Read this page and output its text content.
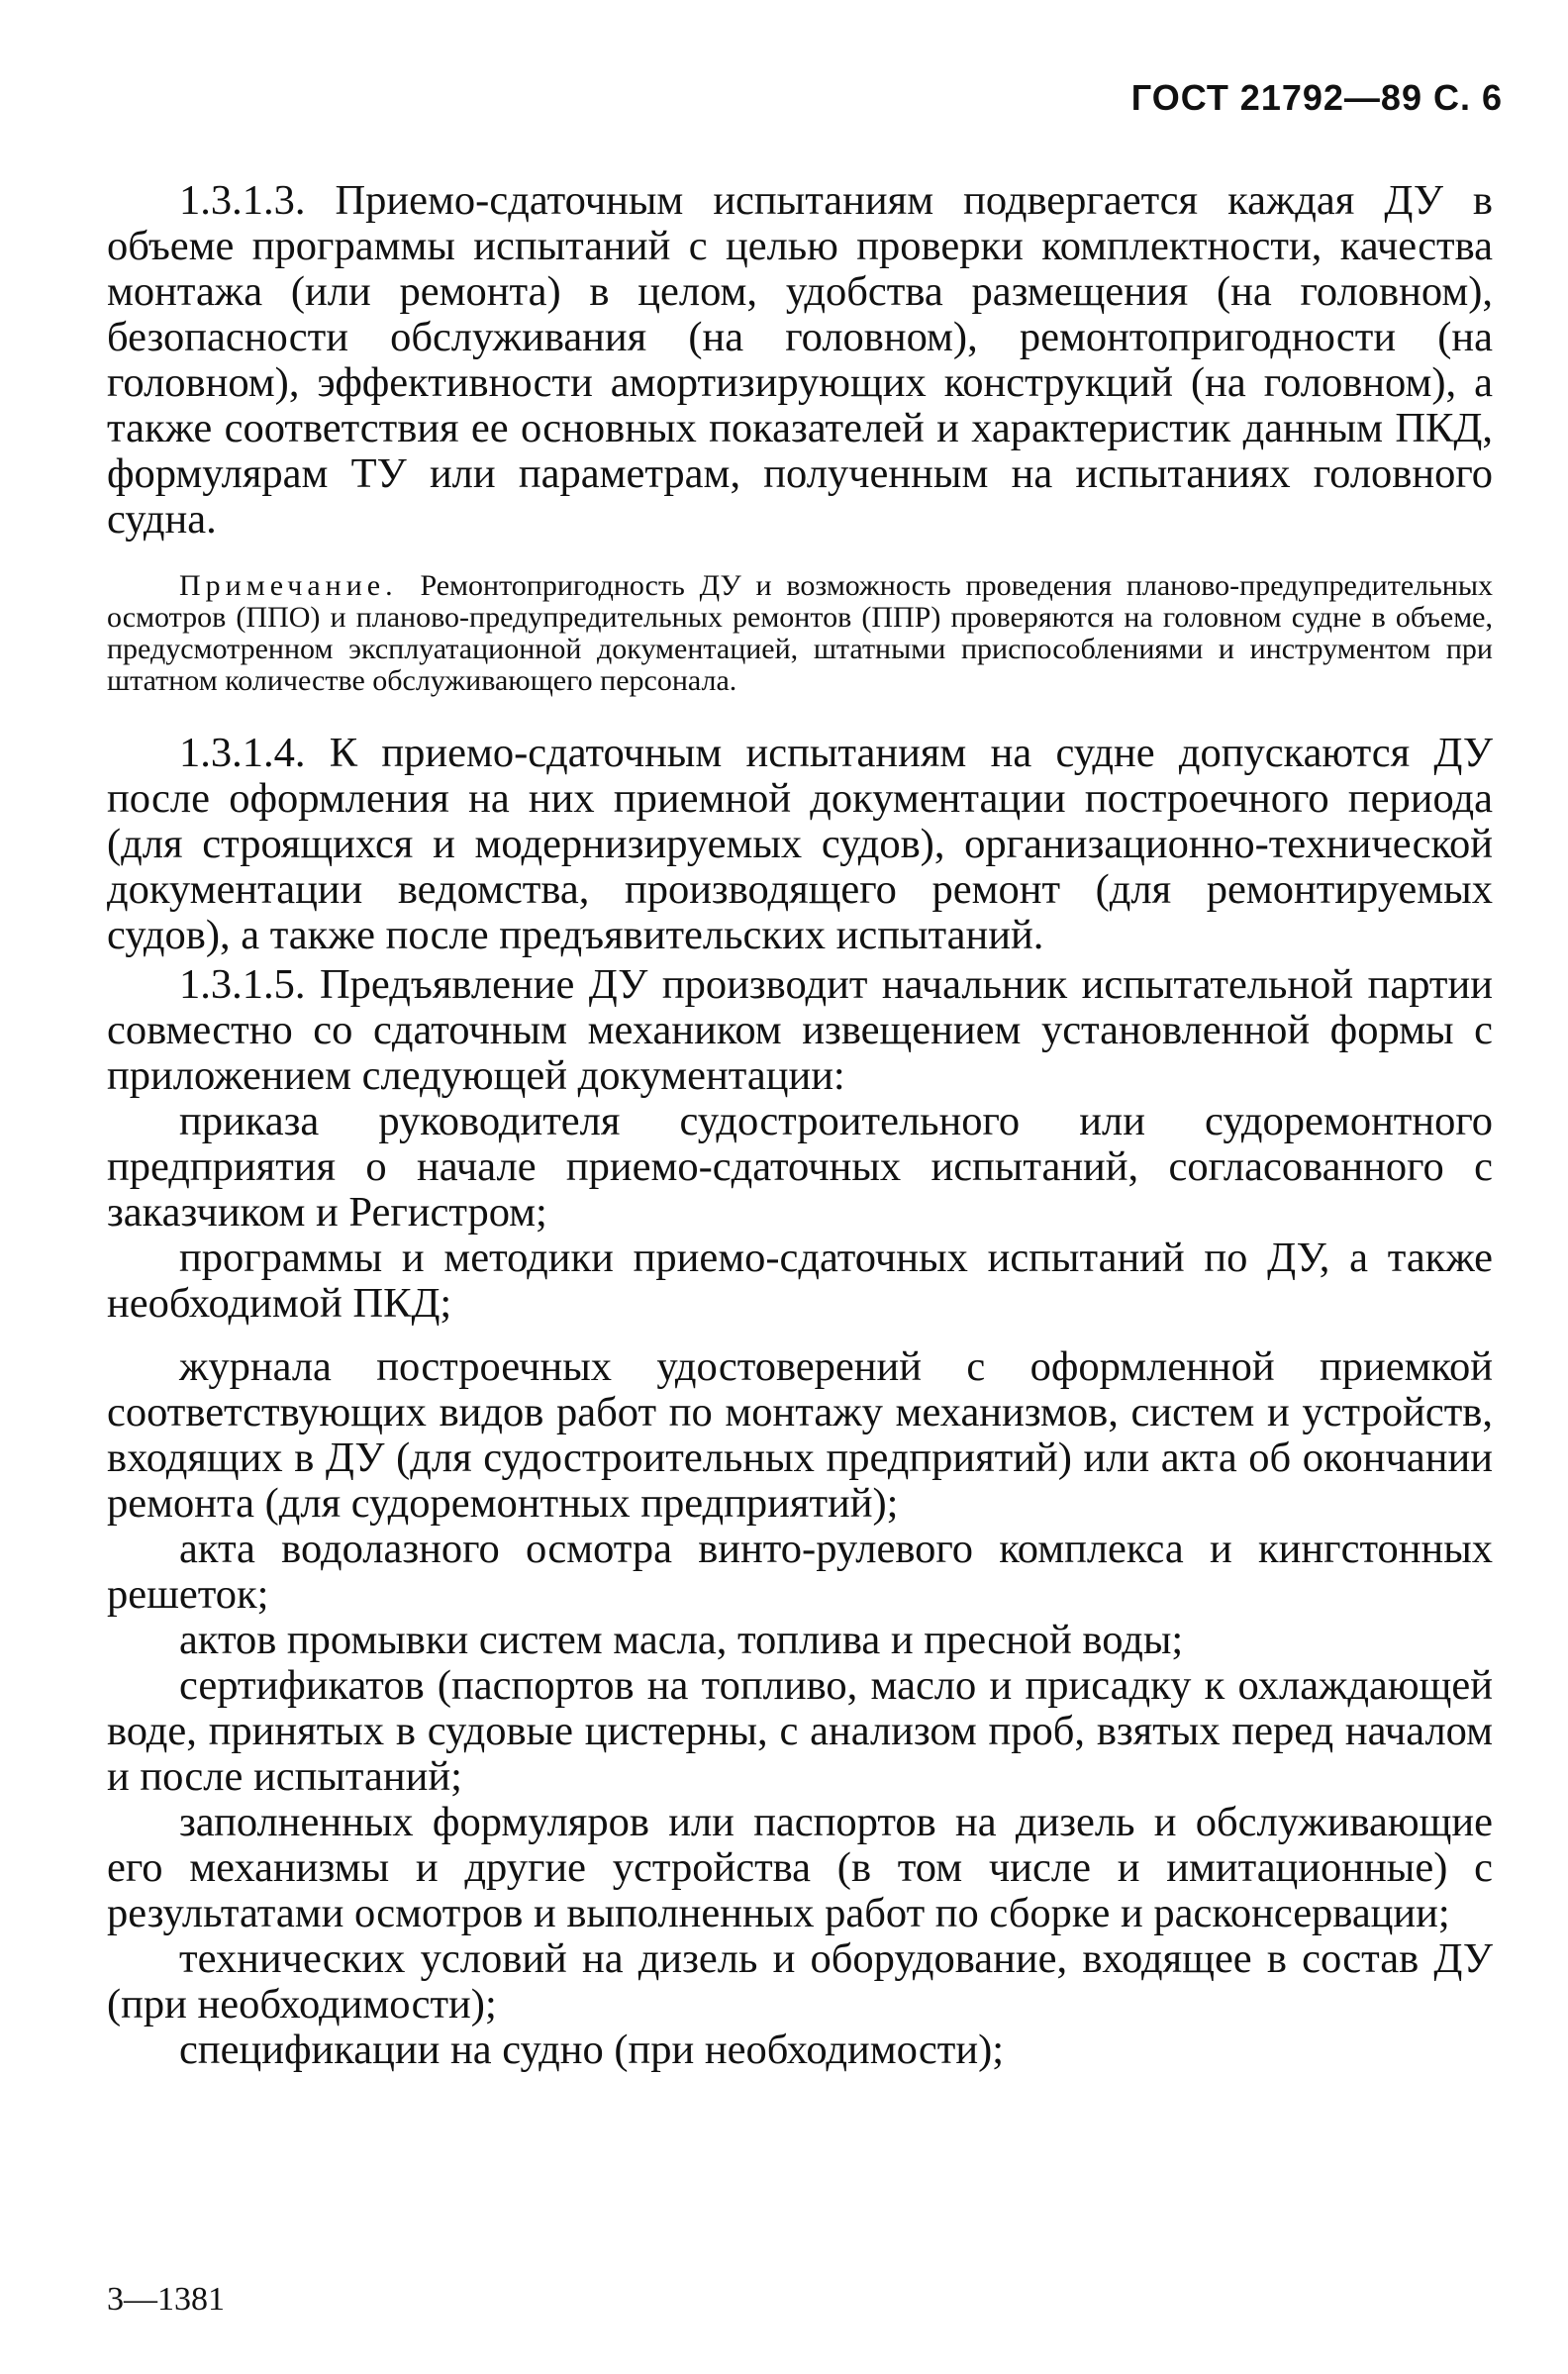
ГОСТ 21792—89 С. 6

1.3.1.3. Приемо-сдаточным испытаниям подвергается каждая ДУ в объеме программы испытаний с целью проверки комплектности, качества монтажа (или ремонта) в целом, удобства размещения (на головном), безопасности обслуживания (на головном), ремонтопригодности (на головном), эффективности амортизирующих конструкций (на головном), а также соответствия ее основных показателей и характеристик данным ПКД, формулярам ТУ или параметрам, полученным на испытаниях головного судна.

Примечание. Ремонтопригодность ДУ и возможность проведения планово-предупредительных осмотров (ППО) и планово-предупредительных ремонтов (ППР) проверяются на головном судне в объеме, предусмотренном эксплуатационной документацией, штатными приспособлениями и инструментом при штатном количестве обслуживающего персонала.

1.3.1.4. К приемо-сдаточным испытаниям на судне допускаются ДУ после оформления на них приемной документации построечного периода (для строящихся и модернизируемых судов), организационно-технической документации ведомства, производящего ремонт (для ремонтируемых судов), а также после предъявительских испытаний.

1.3.1.5. Предъявление ДУ производит начальник испытательной партии совместно со сдаточным механиком извещением установленной формы с приложением следующей документации:

приказа руководителя судостроительного или судоремонтного предприятия о начале приемо-сдаточных испытаний, согласованного с заказчиком и Регистром;

программы и методики приемо-сдаточных испытаний по ДУ, а также необходимой ПКД;

журнала построечных удостоверений с оформленной приемкой соответствующих видов работ по монтажу механизмов, систем и устройств, входящих в ДУ (для судостроительных предприятий) или акта об окончании ремонта (для судоремонтных предприятий);

акта водолазного осмотра винто-рулевого комплекса и кингстонных решеток;

актов промывки систем масла, топлива и пресной воды;

сертификатов (паспортов на топливо, масло и присадку к охлаждающей воде, принятых в судовые цистерны, с анализом проб, взятых перед началом и после испытаний;

заполненных формуляров или паспортов на дизель и обслуживающие его механизмы и другие устройства (в том числе и имитационные) с результатами осмотров и выполненных работ по сборке и расконсервации;

технических условий на дизель и оборудование, входящее в состав ДУ (при необходимости);

спецификации на судно (при необходимости);

3—1381
